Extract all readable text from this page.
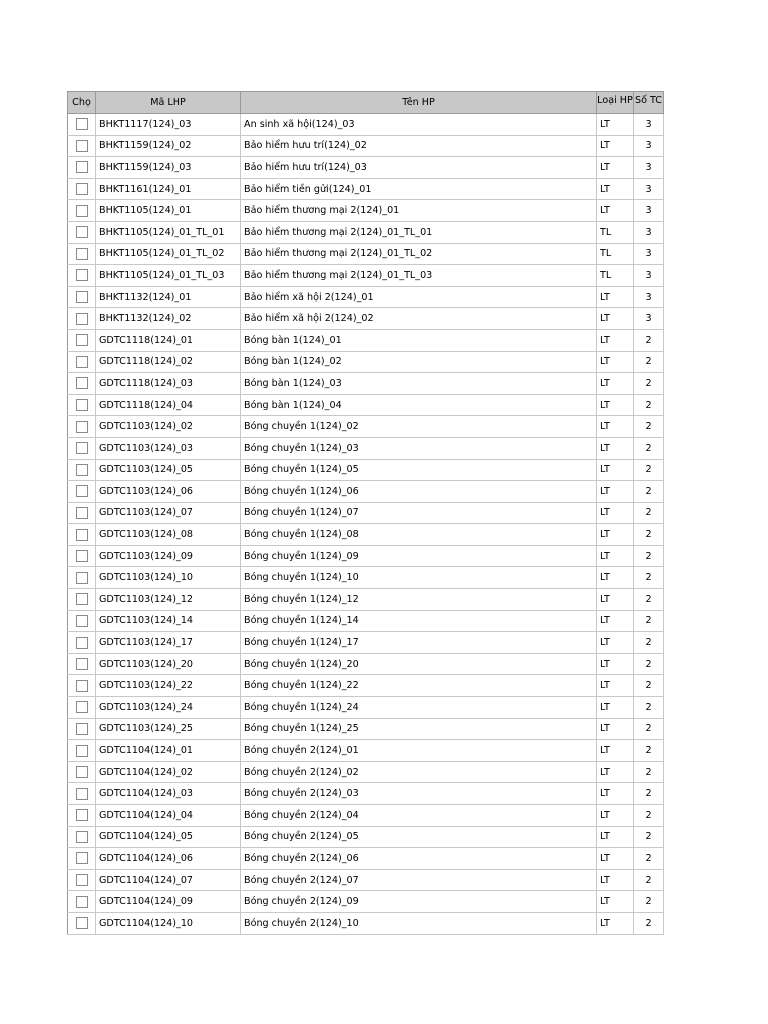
Chọ	Mã LHP	Tên HP	Loại HP	Số TC
	BHKT1117(124)_03	An sinh xã hội(124)_03	LT	3
	BHKT1159(124)_02	Bảo hiểm hưu trí(124)_02	LT	3
	BHKT1159(124)_03	Bảo hiểm hưu trí(124)_03	LT	3
	BHKT1161(124)_01	Bảo hiểm tiền gửi(124)_01	LT	3
	BHKT1105(124)_01	Bảo hiểm thương mại 2(124)_01	LT	3
	BHKT1105(124)_01_TL_01	Bảo hiểm thương mại 2(124)_01_TL_01	TL	3
	BHKT1105(124)_01_TL_02	Bảo hiểm thương mại 2(124)_01_TL_02	TL	3
	BHKT1105(124)_01_TL_03	Bảo hiểm thương mại 2(124)_01_TL_03	TL	3
	BHKT1132(124)_01	Bảo hiểm xã hội 2(124)_01	LT	3
	BHKT1132(124)_02	Bảo hiểm xã hội 2(124)_02	LT	3
	GDTC1118(124)_01	Bóng bàn 1(124)_01	LT	2
	GDTC1118(124)_02	Bóng bàn 1(124)_02	LT	2
	GDTC1118(124)_03	Bóng bàn 1(124)_03	LT	2
	GDTC1118(124)_04	Bóng bàn 1(124)_04	LT	2
	GDTC1103(124)_02	Bóng chuyền 1(124)_02	LT	2
	GDTC1103(124)_03	Bóng chuyền 1(124)_03	LT	2
	GDTC1103(124)_05	Bóng chuyền 1(124)_05	LT	2
	GDTC1103(124)_06	Bóng chuyền 1(124)_06	LT	2
	GDTC1103(124)_07	Bóng chuyền 1(124)_07	LT	2
	GDTC1103(124)_08	Bóng chuyền 1(124)_08	LT	2
	GDTC1103(124)_09	Bóng chuyền 1(124)_09	LT	2
	GDTC1103(124)_10	Bóng chuyền 1(124)_10	LT	2
	GDTC1103(124)_12	Bóng chuyền 1(124)_12	LT	2
	GDTC1103(124)_14	Bóng chuyền 1(124)_14	LT	2
	GDTC1103(124)_17	Bóng chuyền 1(124)_17	LT	2
	GDTC1103(124)_20	Bóng chuyền 1(124)_20	LT	2
	GDTC1103(124)_22	Bóng chuyền 1(124)_22	LT	2
	GDTC1103(124)_24	Bóng chuyền 1(124)_24	LT	2
	GDTC1103(124)_25	Bóng chuyền 1(124)_25	LT	2
	GDTC1104(124)_01	Bóng chuyền 2(124)_01	LT	2
	GDTC1104(124)_02	Bóng chuyền 2(124)_02	LT	2
	GDTC1104(124)_03	Bóng chuyền 2(124)_03	LT	2
	GDTC1104(124)_04	Bóng chuyền 2(124)_04	LT	2
	GDTC1104(124)_05	Bóng chuyền 2(124)_05	LT	2
	GDTC1104(124)_06	Bóng chuyền 2(124)_06	LT	2
	GDTC1104(124)_07	Bóng chuyền 2(124)_07	LT	2
	GDTC1104(124)_09	Bóng chuyền 2(124)_09	LT	2
	GDTC1104(124)_10	Bóng chuyền 2(124)_10	LT	2
